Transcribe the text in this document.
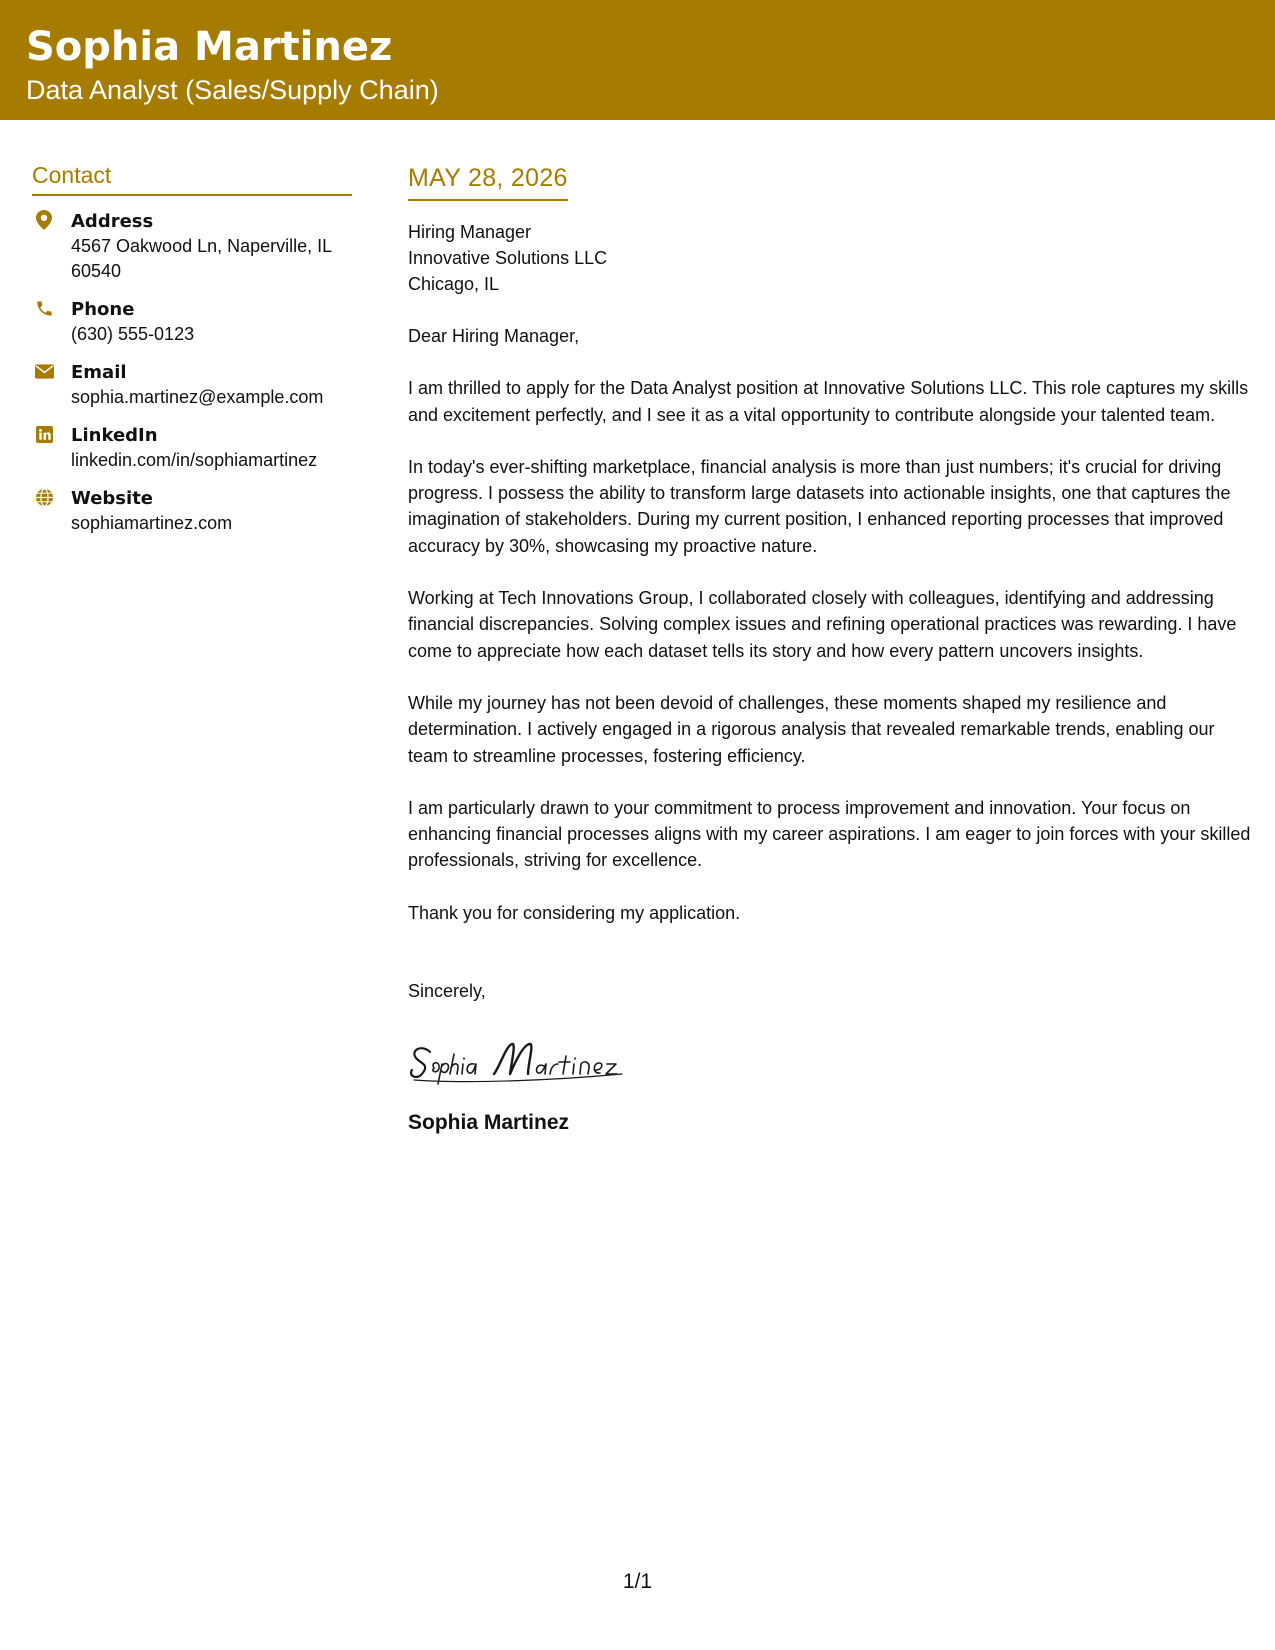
Sophia Martinez
Data Analyst (Sales/Supply Chain)
Contact
Address
4567 Oakwood Ln, Naperville, IL 60540
Phone
(630) 555-0123
Email
sophia.martinez@example.com
LinkedIn
linkedin.com/in/sophiamartinez
Website
sophiamartinez.com
MAY 28, 2026
Hiring Manager
Innovative Solutions LLC
Chicago, IL

Dear Hiring Manager,

I am thrilled to apply for the Data Analyst position at Innovative Solutions LLC. This role captures my skills and excitement perfectly, and I see it as a vital opportunity to contribute alongside your talented team.

In today's ever-shifting marketplace, financial analysis is more than just numbers; it's crucial for driving progress. I possess the ability to transform large datasets into actionable insights, one that captures the imagination of stakeholders. During my current position, I enhanced reporting processes that improved accuracy by 30%, showcasing my proactive nature.

Working at Tech Innovations Group, I collaborated closely with colleagues, identifying and addressing financial discrepancies. Solving complex issues and refining operational practices was rewarding. I have come to appreciate how each dataset tells its story and how every pattern uncovers insights.

While my journey has not been devoid of challenges, these moments shaped my resilience and determination. I actively engaged in a rigorous analysis that revealed remarkable trends, enabling our team to streamline processes, fostering efficiency.

I am particularly drawn to your commitment to process improvement and innovation. Your focus on enhancing financial processes aligns with my career aspirations. I am eager to join forces with your skilled professionals, striving for excellence.

Thank you for considering my application.

Sincerely,
Sophia Martinez
1/1
